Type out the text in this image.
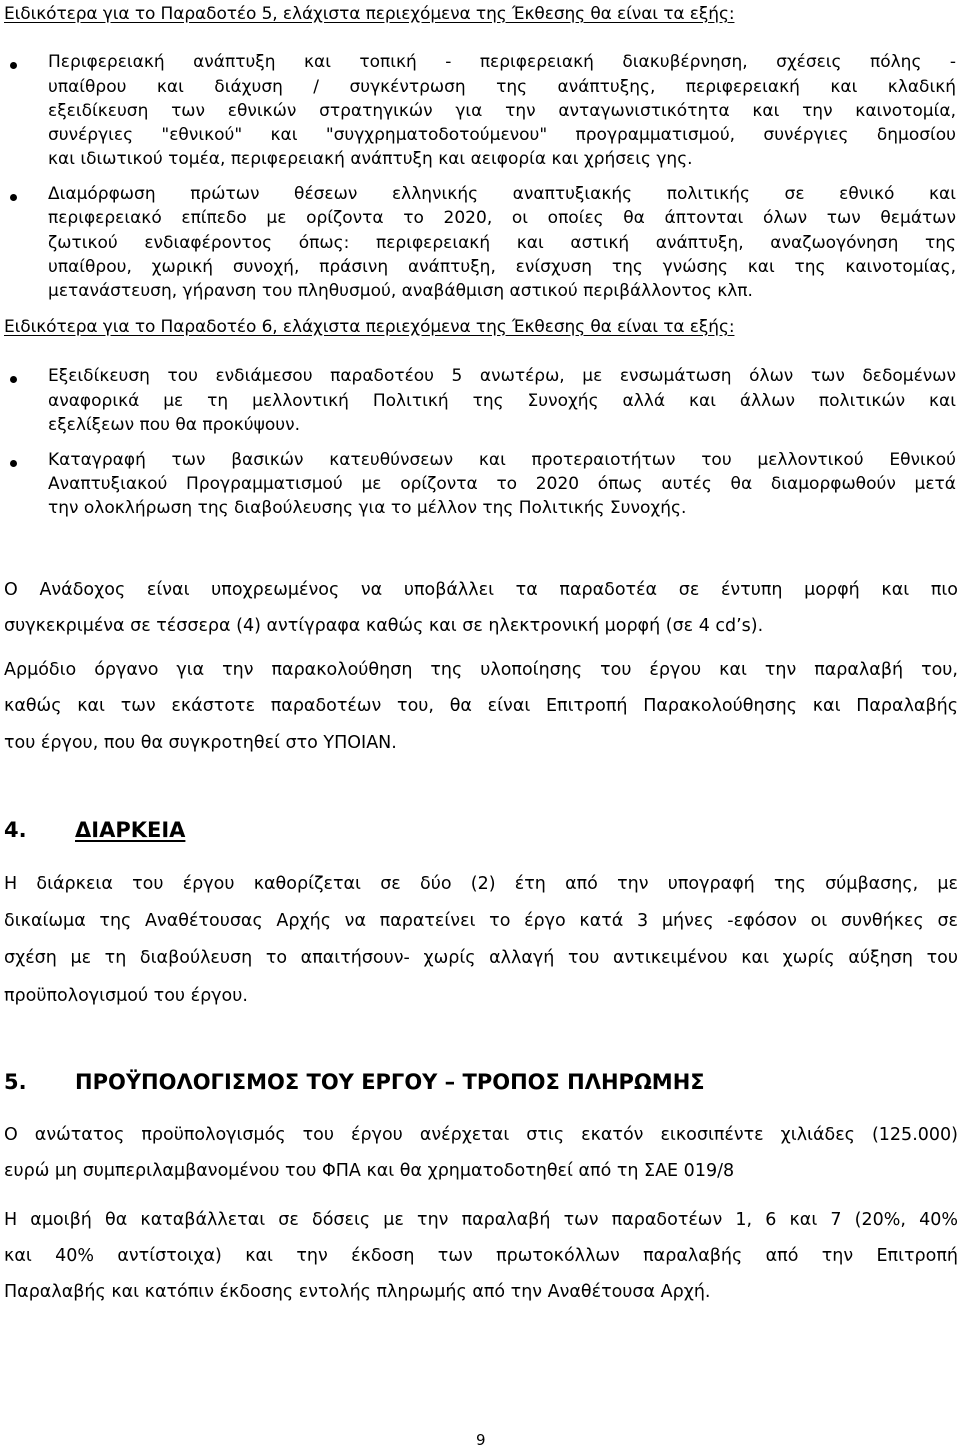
Ειδικότερα για το Παραδοτέο 5, ελάχιστα περιεχόμενα της Έκθεσης θα είναι τα εξής:
Περιφερειακή ανάπτυξη και τοπική - περιφερειακή διακυβέρνηση, σχέσεις πόλης -
υπαίθρου και διάχυση / συγκέντρωση της ανάπτυξης, περιφερειακή και κλαδική
εξειδίκευση των εθνικών στρατηγικών για την ανταγωνιστικότητα και την καινοτομία,
συνέργιες "εθνικού" και "συγχρηματοδοτούμενου" προγραμματισμού, συνέργιες δημοσίου
και ιδιωτικού τομέα, περιφερειακή ανάπτυξη και αειφορία και χρήσεις γης.
Διαμόρφωση πρώτων θέσεων ελληνικής αναπτυξιακής πολιτικής σε εθνικό και
περιφερειακό επίπεδο με ορίζοντα το 2020, οι οποίες θα άπτονται όλων των θεμάτων
ζωτικού ενδιαφέροντος όπως: περιφερειακή και αστική ανάπτυξη, αναζωογόνηση της
υπαίθρου, χωρική συνοχή, πράσινη ανάπτυξη, ενίσχυση της γνώσης και της καινοτομίας,
μετανάστευση, γήρανση του πληθυσμού, αναβάθμιση αστικού περιβάλλοντος κλπ.
Ειδικότερα για το Παραδοτέο 6, ελάχιστα περιεχόμενα της Έκθεσης θα είναι τα εξής:
Εξειδίκευση του ενδιάμεσου παραδοτέου 5 ανωτέρω, με ενσωμάτωση όλων των δεδομένων
αναφορικά με τη μελλοντική Πολιτική της Συνοχής αλλά και άλλων πολιτικών και
εξελίξεων που θα προκύψουν.
Καταγραφή των βασικών κατευθύνσεων και προτεραιοτήτων του μελλοντικού Εθνικού
Αναπτυξιακού Προγραμματισμού με ορίζοντα το 2020 όπως αυτές θα διαμορφωθούν μετά
την ολοκλήρωση της διαβούλευσης για το μέλλον της Πολιτικής Συνοχής.
Ο Ανάδοχος είναι υποχρεωμένος να υποβάλλει τα παραδοτέα σε έντυπη μορφή και πιο
συγκεκριμένα σε τέσσερα (4) αντίγραφα καθώς και σε ηλεκτρονική μορφή (σε 4 cd’s).
Αρμόδιο όργανο για την παρακολούθηση της υλοποίησης του έργου και την παραλαβή του,
καθώς και των εκάστοτε παραδοτέων του, θα είναι Επιτροπή Παρακολούθησης και Παραλαβής
του έργου, που θα συγκροτηθεί στο ΥΠΟΙΑΝ.
4. ΔΙΑΡΚΕΙΑ
Η διάρκεια του έργου καθορίζεται σε δύο (2) έτη από την υπογραφή της σύμβασης, με
δικαίωμα της Αναθέτουσας Αρχής να παρατείνει το έργο κατά 3 μήνες -εφόσον οι συνθήκες σε
σχέση με τη διαβούλευση το απαιτήσουν- χωρίς αλλαγή του αντικειμένου και χωρίς αύξηση του
προϋπολογισμού του έργου.
5. ΠΡΟΫΠΟΛΟΓΙΣΜΟΣ ΤΟΥ ΕΡΓΟΥ – ΤΡΟΠΟΣ ΠΛΗΡΩΜΗΣ
Ο ανώτατος προϋπολογισμός του έργου ανέρχεται στις εκατόν εικοσιπέντε χιλιάδες (125.000)
ευρώ μη συμπεριλαμβανομένου του ΦΠΑ και θα χρηματοδοτηθεί από τη ΣΑΕ 019/8
Η αμοιβή θα καταβάλλεται σε δόσεις με την παραλαβή των παραδοτέων 1, 6 και 7 (20%, 40%
και 40% αντίστοιχα) και την έκδοση των πρωτοκόλλων παραλαβής από την Επιτροπή
Παραλαβής και κατόπιν έκδοσης εντολής πληρωμής από την Αναθέτουσα Αρχή.
9
